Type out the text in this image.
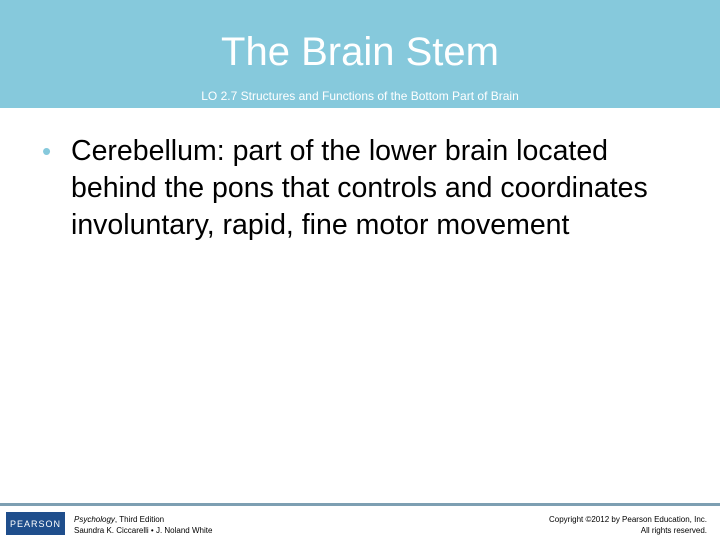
The Brain Stem
LO 2.7 Structures and Functions of the Bottom Part of Brain
• Cerebellum: part of the lower brain located behind the pons that controls and coordinates involuntary, rapid, fine motor movement
PEARSON Psychology, Third Edition
Saundra K. Ciccarelli • J. Noland White
Copyright ©2012 by Pearson Education, Inc.
All rights reserved.
